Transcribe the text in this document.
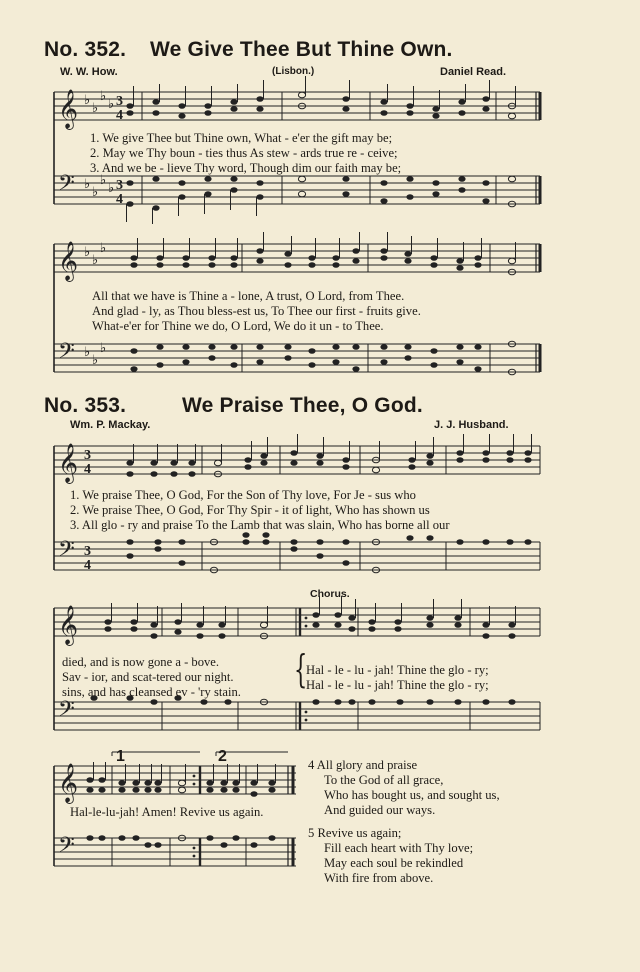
No. 352. We Give Thee But Thine Own.
W. W. How.	(Lisbon.)	Daniel Read.
𝄞
𝄢
♭
♭
♭
♭
♭
♭
♭
♭
3
4
3
4
1. We give Thee but Thine own, What - e'er the gift may be;
2. May we Thy boun - ties thus As stew - ards true re - ceive;
3. And we be - lieve Thy word, Though dim our faith may be;
𝄞
𝄢
♭
♭
♭
♭
♭
♭
All that we have is Thine a - lone, A trust, O Lord, from Thee.
And glad - ly, as Thou bless-est us, To Thee our first - fruits give.
What-e'er for Thine we do, O Lord, We do it un - to Thee.
No. 353.	We Praise Thee, O God.
Wm. P. Mackay.	J. J. Husband.
𝄞
𝄢
3
4
3
4
1. We praise Thee, O God, For the Son of Thy love, For Je - sus who
2. We praise Thee, O God, For Thy Spir - it of light, Who has shown us
3. All glo - ry and praise To the Lamb that was slain, Who has borne all our
Chorus.
𝄞
𝄢
died, and is now gone a - bove.
Sav - ior, and scat-tered our night.
sins, and has cleansed ev - 'ry stain.
{
Hal - le - lu - jah! Thine the glo - ry;
Hal - le - lu - jah! Thine the glo - ry;
1	2
𝄞
𝄢
Hal-le-lu-jah! Amen! Revive us again.
4 All glory and praise
To the God of all grace,
Who has bought us, and sought us,
And guided our ways.
5 Revive us again;
Fill each heart with Thy love;
May each soul be rekindled
With fire from above.
